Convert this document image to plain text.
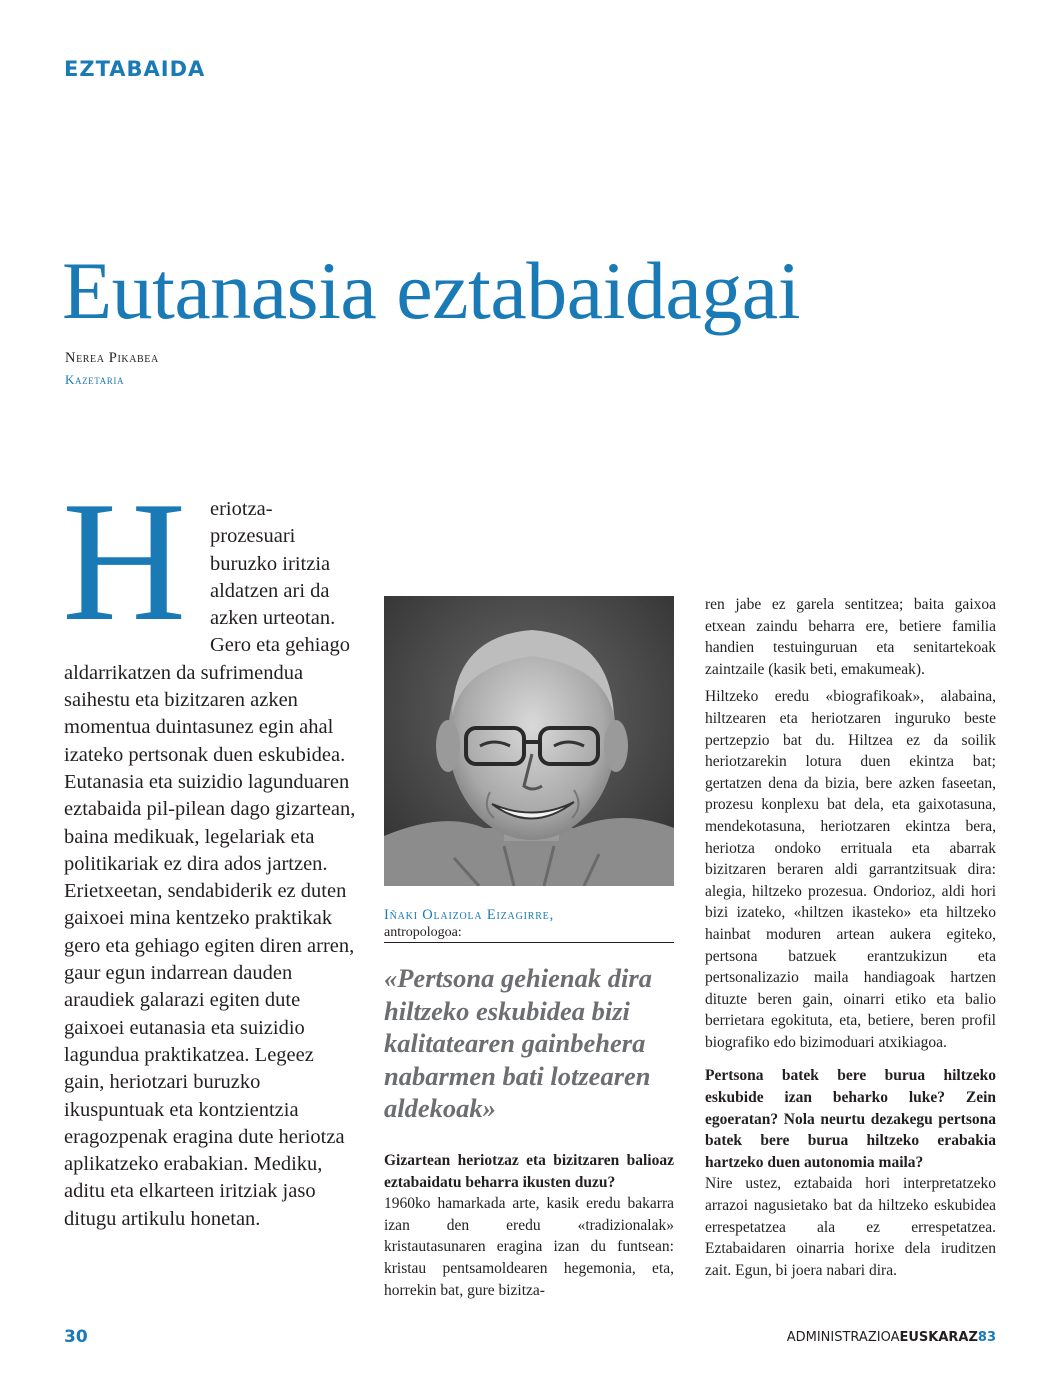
EZTABAIDA
Eutanasia eztabaidagai
Nerea Pikabea
Kazetaria
H	eriotza-prozesuari buruzko iritzia aldatzen ari da azken urteotan. Gero eta gehiago aldarrikatzen da sufrimendua saihestu eta bizitzaren azken momentua duintasunez egin ahal izateko pertsonak duen eskubidea. Eutanasia eta suizidio lagunduaren eztabaida pil-pilean dago gizartean, baina medikuak, legelariak eta politikariak ez dira ados jartzen. Erietxeetan, sendabiderik ez duten gaixoei mina kentzeko praktikak gero eta gehiago egiten diren arren, gaur egun indarrean dauden araudiek galarazi egiten dute gaixoei eutanasia eta suizidio lagundua praktikatzea. Legeez gain, heriotzari buruzko ikuspuntuak eta kontzientzia eragozpenak eragina dute heriotza aplikatzeko erabakian. Mediku, aditu eta elkarteen iritziak jaso ditugu artikulu honetan.

Iñaki Olaizola Eizagirre,
antropologoa:
«Pertsona gehienak dira hiltzeko eskubidea bizi kalitatearen gainbehera nabarmen bati lotzearen aldekoak»

Gizartean heriotzaz eta bizitzaren balioaz eztabaidatu beharra ikusten duzu?

1960ko hamarkada arte, kasik eredu bakarra izan den eredu «tradizionalak» kristautasunaren eragina izan du funtsean: kristau pentsamoldearen hegemonia, eta, horrekin bat, gure bizitza-

ren jabe ez garela sentitzea; baita gaixoa etxean zaindu beharra ere, betiere familia handien testuinguruan eta senitartekoak zaintzaile (kasik beti, emakumeak).

Hiltzeko eredu «biografikoak», alabaina, hiltzearen eta heriotzaren inguruko beste pertzepzio bat du. Hiltzea ez da soilik heriotzarekin lotura duen ekintza bat; gertatzen dena da bizia, bere azken faseetan, prozesu konplexu bat dela, eta gaixotasuna, mendekotasuna, heriotzaren ekintza bera, heriotza ondoko errituala eta abarrak bizitzaren beraren aldi garrantzitsuak dira: alegia, hiltzeko prozesua. Ondorioz, aldi hori bizi izateko, «hiltzen ikasteko» eta hiltzeko hainbat moduren artean aukera egiteko, pertsona batzuek erantzukizun eta pertsonalizazio maila handiagoak hartzen dituzte beren gain, oinarri etiko eta balio berrietara egokituta, eta, betiere, beren profil biografiko edo bizimoduari atxikiagoa.

Pertsona batek bere burua hiltzeko eskubide izan beharko luke? Zein egoeratan? Nola neurtu dezakegu pertsona batek bere burua hiltzeko erabakia hartzeko duen autonomia maila?

Nire ustez, eztabaida hori interpretatzeko arrazoi nagusietako bat da hiltzeko eskubidea errespetatzea ala ez errespetatzea. Eztabaidaren oinarria horixe dela iruditzen zait. Egun, bi joera nabari dira.

30	ADMINISTRAZIOAEUSKARAZ83
